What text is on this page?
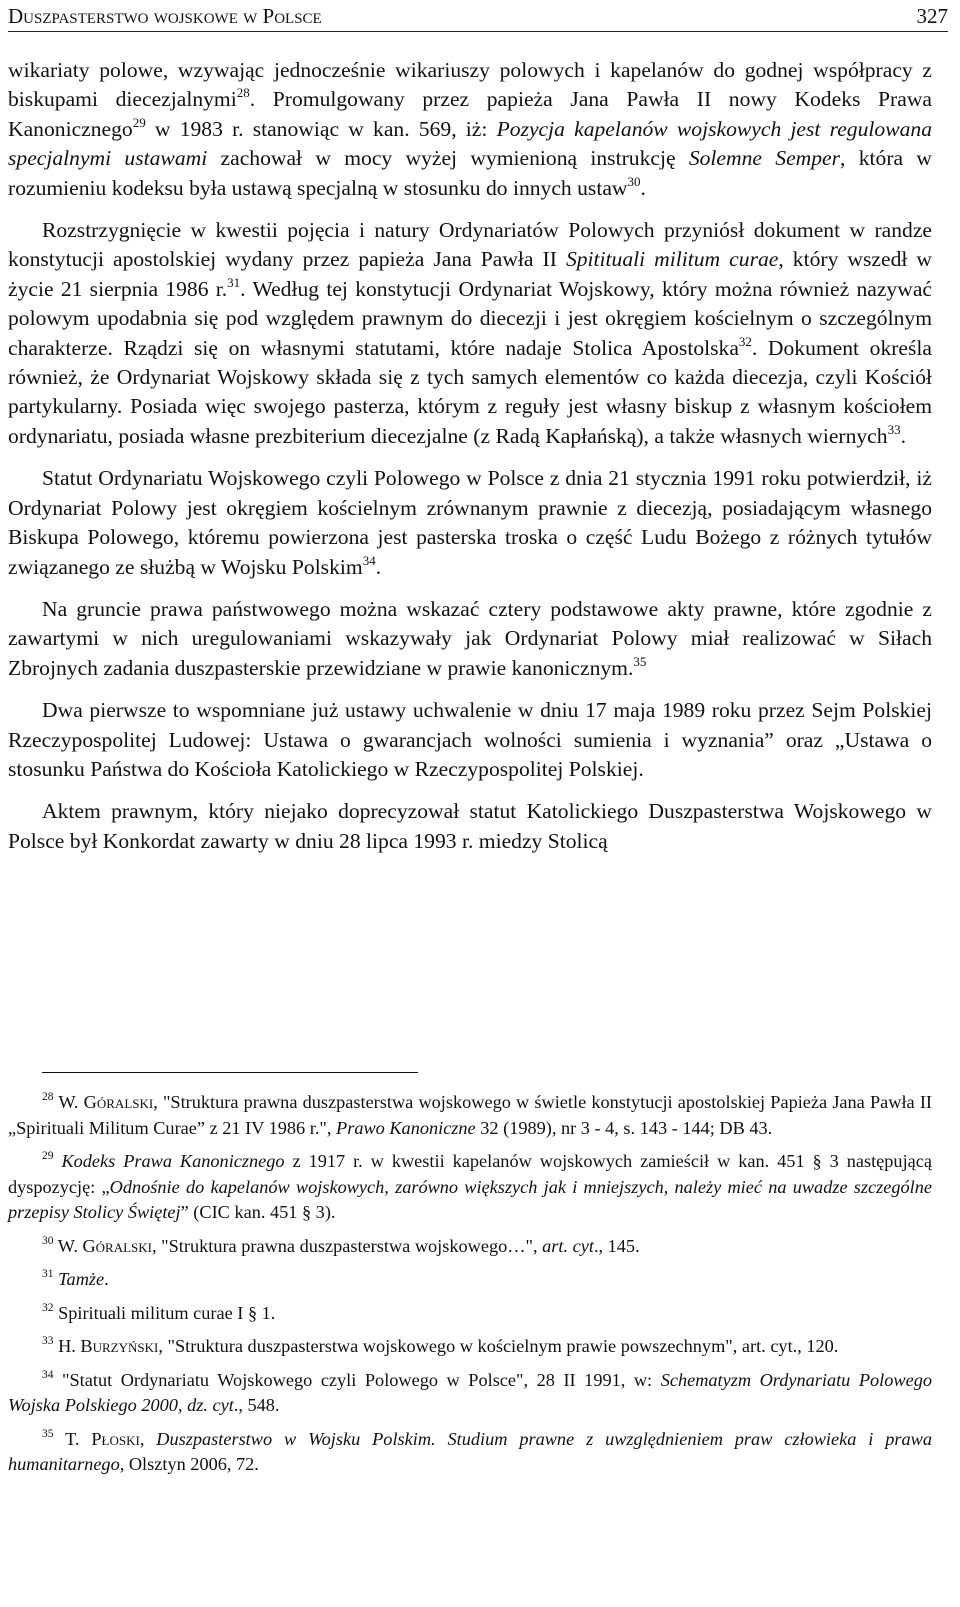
Duszpasterstwo wojskowe w Polsce	327

wikariaty polowe, wzywając jednocześnie wikariuszy polowych i kapelanów do godnej współpracy z biskupami diecezjalnymi$^{28}$. Promulgowany przez papieża Jana Pawła II nowy Kodeks Prawa Kanonicznego$^{29}$ w 1983 r. stanowiąc w kan. 569, iż: Pozycja kapelanów wojskowych jest regulowana specjalnymi ustawami zachował w mocy wyżej wymienioną instrukcję Solemne Semper, która w rozumieniu kodeksu była ustawą specjalną w stosunku do innych ustaw$^{30}$.

Rozstrzygnięcie w kwestii pojęcia i natury Ordynariatów Polowych przyniósł dokument w randze konstytucji apostolskiej wydany przez papieża Jana Pawła II Spitituali militum curae, który wszedł w życie 21 sierpnia 1986 r.$^{31}$. Według tej konstytucji Ordynariat Wojskowy, który można również nazywać polowym upodabnia się pod względem prawnym do diecezji i jest okręgiem kościelnym o szczególnym charakterze. Rządzi się on własnymi statutami, które nadaje Stolica Apostolska$^{32}$. Dokument określa również, że Ordynariat Wojskowy składa się z tych samych elementów co każda diecezja, czyli Kościół partykularny. Posiada więc swojego pasterza, którym z reguły jest własny biskup z własnym kościołem ordynariatu, posiada własne prezbiterium diecezjalne (z Radą Kapłańską), a także własnych wiernych$^{33}$.

Statut Ordynariatu Wojskowego czyli Polowego w Polsce z dnia 21 stycznia 1991 roku potwierdził, iż Ordynariat Polowy jest okręgiem kościelnym zrównanym prawnie z diecezją, posiadającym własnego Biskupa Polowego, któremu powierzona jest pasterska troska o część Ludu Bożego z różnych tytułów związanego ze służbą w Wojsku Polskim$^{34}$.

Na gruncie prawa państwowego można wskazać cztery podstawowe akty prawne, które zgodnie z zawartymi w nich uregulowaniami wskazywały jak Ordynariat Polowy miał realizować w Siłach Zbrojnych zadania duszpasterskie przewidziane w prawie kanonicznym.$^{35}$

Dwa pierwsze to wspomniane już ustawy uchwalenie w dniu 17 maja 1989 roku przez Sejm Polskiej Rzeczypospolitej Ludowej: Ustawa o gwarancjach wolności sumienia i wyznania” oraz „Ustawa o stosunku Państwa do Kościoła Katolickiego w Rzeczypospolitej Polskiej.

Aktem prawnym, który niejako doprecyzował statut Katolickiego Duszpasterstwa Wojskowego w Polsce był Konkordat zawarty w dniu 28 lipca 1993 r. miedzy Stolicą

$^{28}$ W. Góralski, "Struktura prawna duszpasterstwa wojskowego w świetle konstytucji apostolskiej Papieża Jana Pawła II „Spirituali Militum Curae” z 21 IV 1986 r.", Prawo Kanoniczne 32 (1989), nr 3 - 4, s. 143 - 144; DB 43.

$^{29}$ Kodeks Prawa Kanonicznego z 1917 r. w kwestii kapelanów wojskowych zamieścił w kan. 451 § 3 następującą dyspozycję: „Odnośnie do kapelanów wojskowych, zarówno większych jak i mniejszych, należy mieć na uwadze szczególne przepisy Stolicy Świętej” (CIC kan. 451 § 3).

$^{30}$ W. Góralski, "Struktura prawna duszpasterstwa wojskowego…", art. cyt., 145.

$^{31}$ Tamże.

$^{32}$ Spirituali militum curae I § 1.

$^{33}$ H. Burzyński, "Struktura duszpasterstwa wojskowego w kościelnym prawie powszechnym", art. cyt., 120.

$^{34}$ "Statut Ordynariatu Wojskowego czyli Polowego w Polsce", 28 II 1991, w: Schematyzm Ordynariatu Polowego Wojska Polskiego 2000, dz. cyt., 548.

$^{35}$ T. Płoski, Duszpasterstwo w Wojsku Polskim. Studium prawne z uwzględnieniem praw człowieka i prawa humanitarnego, Olsztyn 2006, 72.
